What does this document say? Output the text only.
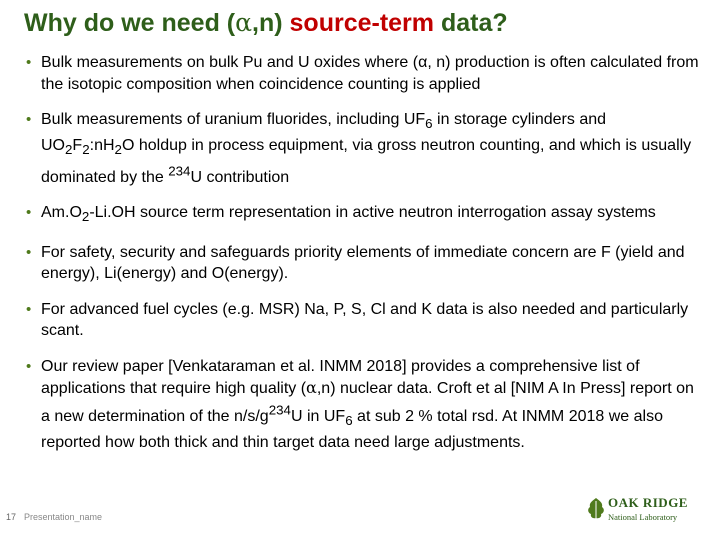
Why do we need (α,n) source-term data?
• Bulk measurements on bulk Pu and U oxides where (α, n) production is often calculated from the isotopic composition when coincidence counting is applied
• Bulk measurements of uranium fluorides, including $UF_6$ in storage cylinders and $UO_2F_2:nH_2O$ holdup in process equipment, via gross neutron counting, and which is usually dominated by the $^{234}$U contribution
• $Am.O_2-Li.OH$ source term representation in active neutron interrogation assay systems
• For safety, security and safeguards priority elements of immediate concern are F (yield and energy), Li(energy) and O(energy).
• For advanced fuel cycles (e.g. MSR) Na, P, S, Cl and K data is also needed and particularly scant.
• Our review paper [Venkataraman et al. INMM 2018] provides a comprehensive list of applications that require high quality (α,n) nuclear data. Croft et al [NIM A In Press] report on a new determination of the $n/s/g^{234}U$ in $UF_6$ at sub 2 % total rsd. At INMM 2018 we also reported how both thick and thin target data need large adjustments.
17 Presentation_name
OAK RIDGE
National Laboratory
